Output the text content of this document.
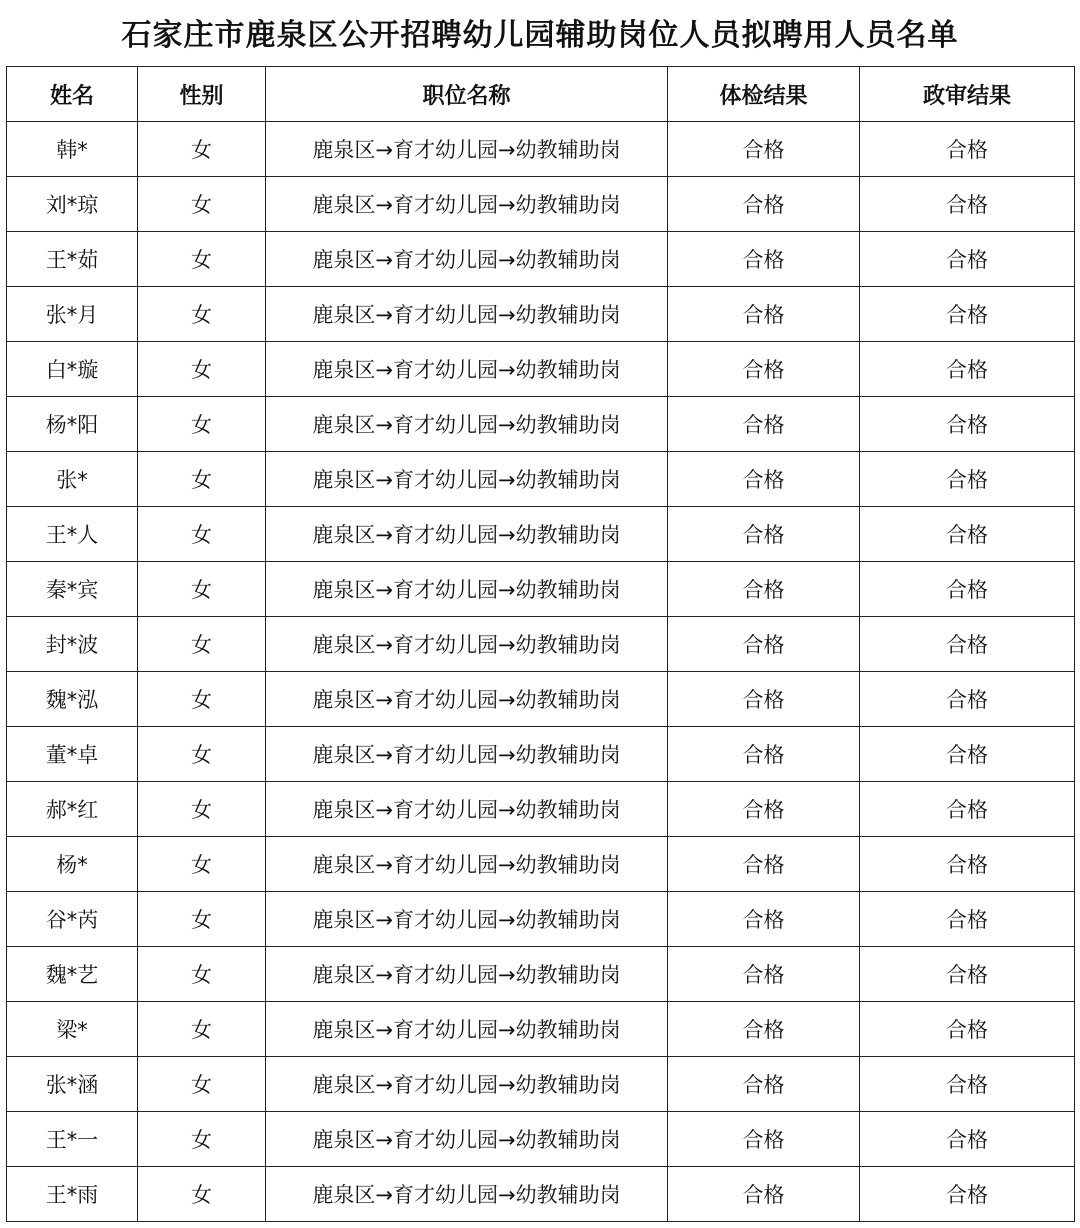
石家庄市鹿泉区公开招聘幼儿园辅助岗位人员拟聘用人员名单
姓名	性别	职位名称	体检结果	政审结果
韩*	女	鹿泉区→育才幼儿园→幼教辅助岗	合格	合格
刘*琼	女	鹿泉区→育才幼儿园→幼教辅助岗	合格	合格
王*茹	女	鹿泉区→育才幼儿园→幼教辅助岗	合格	合格
张*月	女	鹿泉区→育才幼儿园→幼教辅助岗	合格	合格
白*璇	女	鹿泉区→育才幼儿园→幼教辅助岗	合格	合格
杨*阳	女	鹿泉区→育才幼儿园→幼教辅助岗	合格	合格
张*	女	鹿泉区→育才幼儿园→幼教辅助岗	合格	合格
王*人	女	鹿泉区→育才幼儿园→幼教辅助岗	合格	合格
秦*宾	女	鹿泉区→育才幼儿园→幼教辅助岗	合格	合格
封*波	女	鹿泉区→育才幼儿园→幼教辅助岗	合格	合格
魏*泓	女	鹿泉区→育才幼儿园→幼教辅助岗	合格	合格
董*卓	女	鹿泉区→育才幼儿园→幼教辅助岗	合格	合格
郝*红	女	鹿泉区→育才幼儿园→幼教辅助岗	合格	合格
杨*	女	鹿泉区→育才幼儿园→幼教辅助岗	合格	合格
谷*芮	女	鹿泉区→育才幼儿园→幼教辅助岗	合格	合格
魏*艺	女	鹿泉区→育才幼儿园→幼教辅助岗	合格	合格
梁*	女	鹿泉区→育才幼儿园→幼教辅助岗	合格	合格
张*涵	女	鹿泉区→育才幼儿园→幼教辅助岗	合格	合格
王*一	女	鹿泉区→育才幼儿园→幼教辅助岗	合格	合格
王*雨	女	鹿泉区→育才幼儿园→幼教辅助岗	合格	合格
